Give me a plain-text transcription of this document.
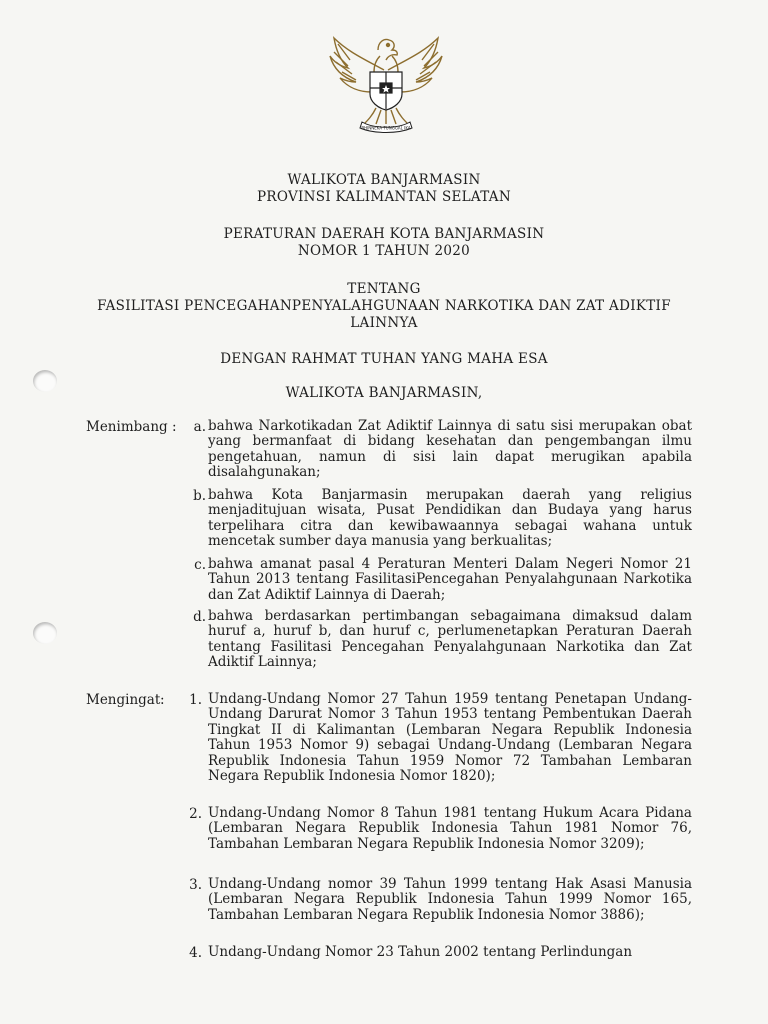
BHINNEKA TUNGGAL IKA
WALIKOTA BANJARMASIN
PROVINSI KALIMANTAN SELATAN
PERATURAN DAERAH KOTA BANJARMASIN
NOMOR 1 TAHUN 2020
TENTANG
FASILITASI PENCEGAHANPENYALAHGUNAAN NARKOTIKA DAN ZAT ADIKTIF
LAINNYA
DENGAN RAHMAT TUHAN YANG MAHA ESA
WALIKOTA BANJARMASIN,
Menimbang :	a. bahwa Narkotikadan Zat Adiktif Lainnya di satu sisi merupakan obat yang bermanfaat di bidang kesehatan dan pengembangan ilmu pengetahuan, namun di sisi lain dapat merugikan apabila disalahgunakan;
b. bahwa Kota Banjarmasin merupakan daerah yang religius menjaditujuan wisata, Pusat Pendidikan dan Budaya yang harus terpelihara citra dan kewibawaannya sebagai wahana untuk mencetak sumber daya manusia yang berkualitas;
c. bahwa amanat pasal 4 Peraturan Menteri Dalam Negeri Nomor 21 Tahun 2013 tentang FasilitasiPencegahan Penyalahgunaan Narkotika dan Zat Adiktif Lainnya di Daerah;
d. bahwa berdasarkan pertimbangan sebagaimana dimaksud dalam huruf a, huruf b, dan huruf c, perlumenetapkan Peraturan Daerah tentang Fasilitasi Pencegahan Penyalahgunaan Narkotika dan Zat Adiktif Lainnya;
Mengingat :	1. Undang-Undang Nomor 27 Tahun 1959 tentang Penetapan Undang-Undang Darurat Nomor 3 Tahun 1953 tentang Pembentukan Daerah Tingkat II di Kalimantan (Lembaran Negara Republik Indonesia Tahun 1953 Nomor 9) sebagai Undang-Undang (Lembaran Negara Republik Indonesia Tahun 1959 Nomor 72 Tambahan Lembaran Negara Republik Indonesia Nomor 1820);
2. Undang-Undang Nomor 8 Tahun 1981 tentang Hukum Acara Pidana (Lembaran Negara Republik Indonesia Tahun 1981 Nomor 76, Tambahan Lembaran Negara Republik Indonesia Nomor 3209);
3. Undang-Undang nomor 39 Tahun 1999 tentang Hak Asasi Manusia (Lembaran Negara Republik Indonesia Tahun 1999 Nomor 165, Tambahan Lembaran Negara Republik Indonesia Nomor 3886);
4. Undang-Undang Nomor 23 Tahun 2002 tentang Perlindungan
